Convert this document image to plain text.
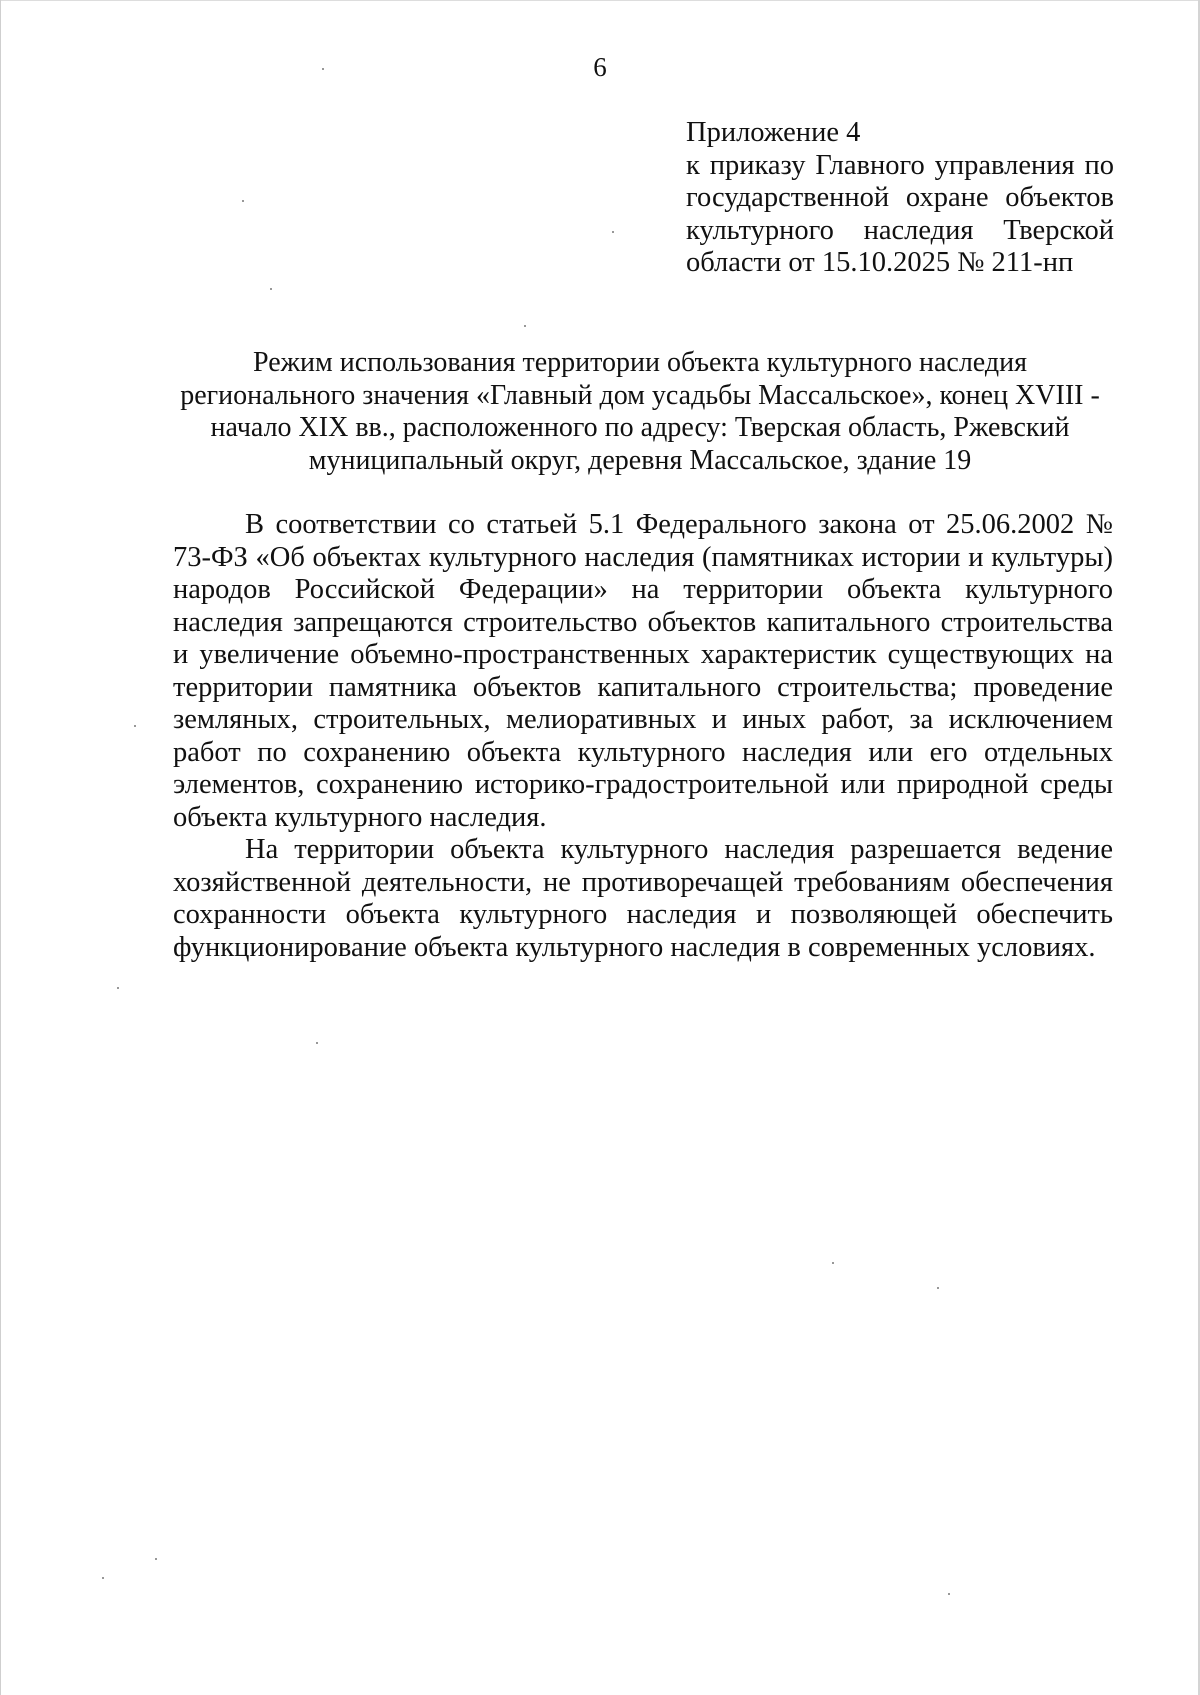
6
Приложение 4
к приказу Главного управления по государственной охране объектов культурного наследия Тверской области от 15.10.2025 № 211-нп
Режим использования территории объекта культурного наследия
регионального значения «Главный дом усадьбы Массальское», конец XVIII -
начало XIX вв., расположенного по адресу: Тверская область, Ржевский
муниципальный округ, деревня Массальское, здание 19

В соответствии со статьей 5.1 Федерального закона от 25.06.2002 № 73-ФЗ «Об объектах культурного наследия (памятниках истории и культуры) народов Российской Федерации» на территории объекта культурного наследия запрещаются строительство объектов капитального строительства и увеличение объемно-пространственных характеристик существующих на территории памятника объектов капитального строительства; проведение земляных, строительных, мелиоративных и иных работ, за исключением работ по сохранению объекта культурного наследия или его отдельных элементов, сохранению историко-градостроительной или природной среды объекта культурного наследия.

На территории объекта культурного наследия разрешается ведение хозяйственной деятельности, не противоречащей требованиям обеспечения сохранности объекта культурного наследия и позволяющей обеспечить функционирование объекта культурного наследия в современных условиях.
